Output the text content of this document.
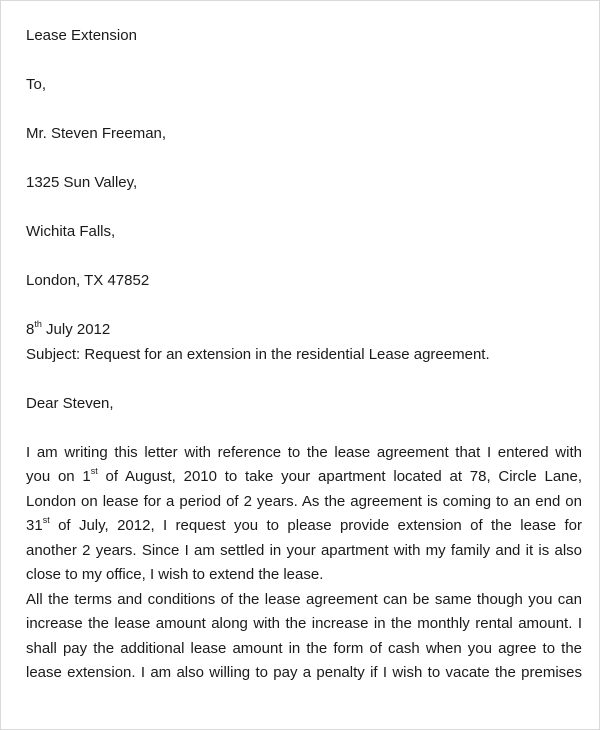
Lease Extension

To,

Mr. Steven Freeman,

1325 Sun Valley,

Wichita Falls,

London, TX 47852

8th July 2012

Subject: Request for an extension in the residential Lease agreement.

Dear Steven,

I am writing this letter with reference to the lease agreement that I entered with
you on 1st of August, 2010 to take your apartment located at 78, Circle Lane,
London on lease for a period of 2 years. As the agreement is coming to an end on
31st of July, 2012, I request you to please provide extension of the lease for
another 2 years. Since I am settled in your apartment with my family and it is also
close to my office, I wish to extend the lease.
All the terms and conditions of the lease agreement can be same though you can
increase the lease amount along with the increase in the monthly rental amount. I
shall pay the additional lease amount in the form of cash when you agree to the
lease extension. I am also willing to pay a penalty if I wish to vacate the premises
